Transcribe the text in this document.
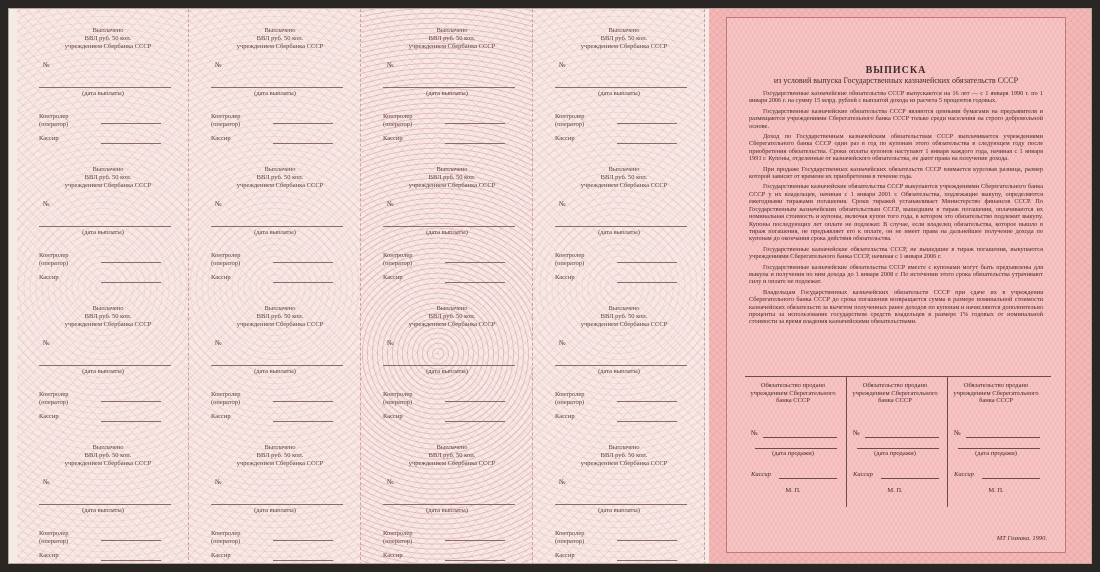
Выплачено
ВВЛ руб. 50 коп.
учреждением Сбербанка СССР
№
(дата выплаты)
Контролер
(оператор)
Кассир
Выплачено
ВВЛ руб. 50 коп.
учреждением Сбербанка СССР
№
(дата выплаты)
Контролер
(оператор)
Кассир
Выплачено
ВВЛ руб. 50 коп.
учреждением Сбербанка СССР
№
(дата выплаты)
Контролер
(оператор)
Кассир
Выплачено
ВВЛ руб. 50 коп.
учреждением Сбербанка СССР
№
(дата выплаты)
Контролер
(оператор)
Кассир
Выплачено
ВВЛ руб. 50 коп.
учреждением Сбербанка СССР
№
(дата выплаты)
Контролер
(оператор)
Кассир
Выплачено
ВВЛ руб. 50 коп.
учреждением Сбербанка СССР
№
(дата выплаты)
Контролер
(оператор)
Кассир
Выплачено
ВВЛ руб. 50 коп.
учреждением Сбербанка СССР
№
(дата выплаты)
Контролер
(оператор)
Кассир
Выплачено
ВВЛ руб. 50 коп.
учреждением Сбербанка СССР
№
(дата выплаты)
Контролер
(оператор)
Кассир
Выплачено
ВВЛ руб. 50 коп.
учреждением Сбербанка СССР
№
(дата выплаты)
Контролер
(оператор)
Кассир
Выплачено
ВВЛ руб. 50 коп.
учреждением Сбербанка СССР
№
(дата выплаты)
Контролер
(оператор)
Кассир
Выплачено
ВВЛ руб. 50 коп.
учреждением Сбербанка СССР
№
(дата выплаты)
Контролер
(оператор)
Кассир
Выплачено
ВВЛ руб. 50 коп.
учреждением Сбербанка СССР
№
(дата выплаты)
Контролер
(оператор)
Кассир
Выплачено
ВВЛ руб. 50 коп.
учреждением Сбербанка СССР
№
(дата выплаты)
Контролер
(оператор)
Кассир
Выплачено
ВВЛ руб. 50 коп.
учреждением Сбербанка СССР
№
(дата выплаты)
Контролер
(оператор)
Кассир
Выплачено
ВВЛ руб. 50 коп.
учреждением Сбербанка СССР
№
(дата выплаты)
Контролер
(оператор)
Кассир
Выплачено
ВВЛ руб. 50 коп.
учреждением Сбербанка СССР
№
(дата выплаты)
Контролер
(оператор)
Кассир
ВЫПИСКА
из условий выпуска Государственных казначейских обязательств СССР

Государственные казначейские обязательства СССР выпускаются на 16 лет — с 1 января 1990 г. по 1 января 2006 г. на сумму 15 млрд. рублей с выплатой дохода из расчета 5 процентов годовых.

Государственные казначейские обязательства СССР являются ценными бумагами на предъявителя и размещаются учреждениями Сберегательного банка СССР только среди населения на строго добровольной основе.

Доход по Государственным казначейским обязательствам СССР выплачивается учреждениями Сберегательного банка СССР один раз в год по купонам этого обязательства в следующем году после приобретения обязательства. Сроки оплаты купонов наступают 1 января каждого года, начиная с 1 января 1991 г. Купоны, отделенные от казначейского обязательства, не дают права на получение дохода.

При продаже Государственных казначейских обязательств СССР взимается курсовая разница, размер которой зависит от времени их приобретения в течение года.

Государственные казначейские обязательства СССР выкупаются учреждениями Сберегательного банка СССР у их владельцев, начиная с 1 января 2001 г. Обязательства, подлежащие выкупу, определяются ежегодными тиражами погашения. Сроки тиражей устанавливает Министерство финансов СССР. По Государственным казначейским обязательствам СССР, вышедшим в тираж погашения, оплачиваются их номинальная стоимость и купоны, включая купон того года, в котором это обязательство подлежит выкупу. Купоны последующих лет оплате не подлежат. В случае, если владелец обязательства, которое вышло в тираж погашения, не предъявляет его к оплате, он не имеет права на дальнейшее получение дохода по купонам до окончания срока действия обязательства.

Государственные казначейские обязательства СССР, не вышедшие в тираж погашения, выкупаются учреждениями Сберегательного банка СССР, начиная с 1 января 2006 г.

Государственные казначейские обязательства СССР вместе с купонами могут быть предъявлены для выкупа и получения по ним дохода до 1 января 2008 г. По истечении этого срока обязательства утрачивают силу и оплате не подлежат.

Владельцам Государственных казначейских обязательств СССР при сдаче их в учреждения Сберегательного банка СССР до срока погашения возвращается сумма в размере номинальной стоимости казначейских обязательств за вычетом полученных ранее доходов по купонам и начисляются дополнительно проценты за использование государством средств владельцев в размере 1% годовых от номинальной стоимости за время владения казначейскими обязательствами.

Обязательство продано
учреждением Сберегательного
банка СССР
№
(дата продажи)
Кассир
М. П.
Обязательство продано
учреждением Сберегательного
банка СССР
№
(дата продажи)
Кассир
М. П.
Обязательство продано
учреждением Сберегательного
банка СССР
№
(дата продажи)
Кассир
М. П.
МТ Гознака. 1990.
